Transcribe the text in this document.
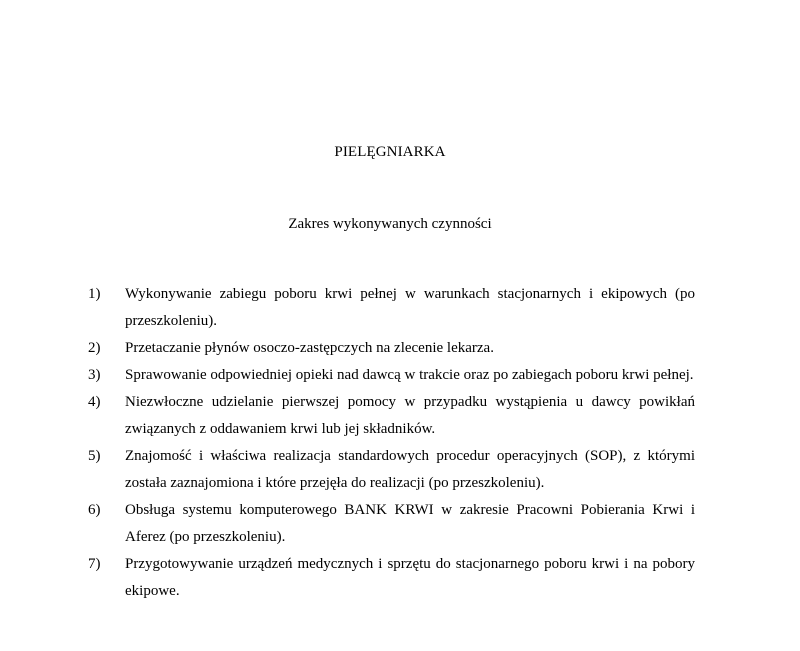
PIELĘGNIARKA
Zakres wykonywanych czynności
1) Wykonywanie zabiegu poboru krwi pełnej w warunkach stacjonarnych i ekipowych (po przeszkoleniu).
2) Przetaczanie płynów osoczo-zastępczych na zlecenie lekarza.
3) Sprawowanie odpowiedniej opieki nad dawcą w trakcie oraz po zabiegach poboru krwi pełnej.
4) Niezwłoczne udzielanie pierwszej pomocy w przypadku wystąpienia u dawcy powikłań związanych z oddawaniem krwi lub jej składników.
5) Znajomość i właściwa realizacja standardowych procedur operacyjnych (SOP), z którymi została zaznajomiona i które przejęła do realizacji (po przeszkoleniu).
6) Obsługa systemu komputerowego BANK KRWI w zakresie Pracowni Pobierania Krwi i Aferez (po przeszkoleniu).
7) Przygotowywanie urządzeń medycznych i sprzętu do stacjonarnego poboru krwi i na pobory ekipowe.
